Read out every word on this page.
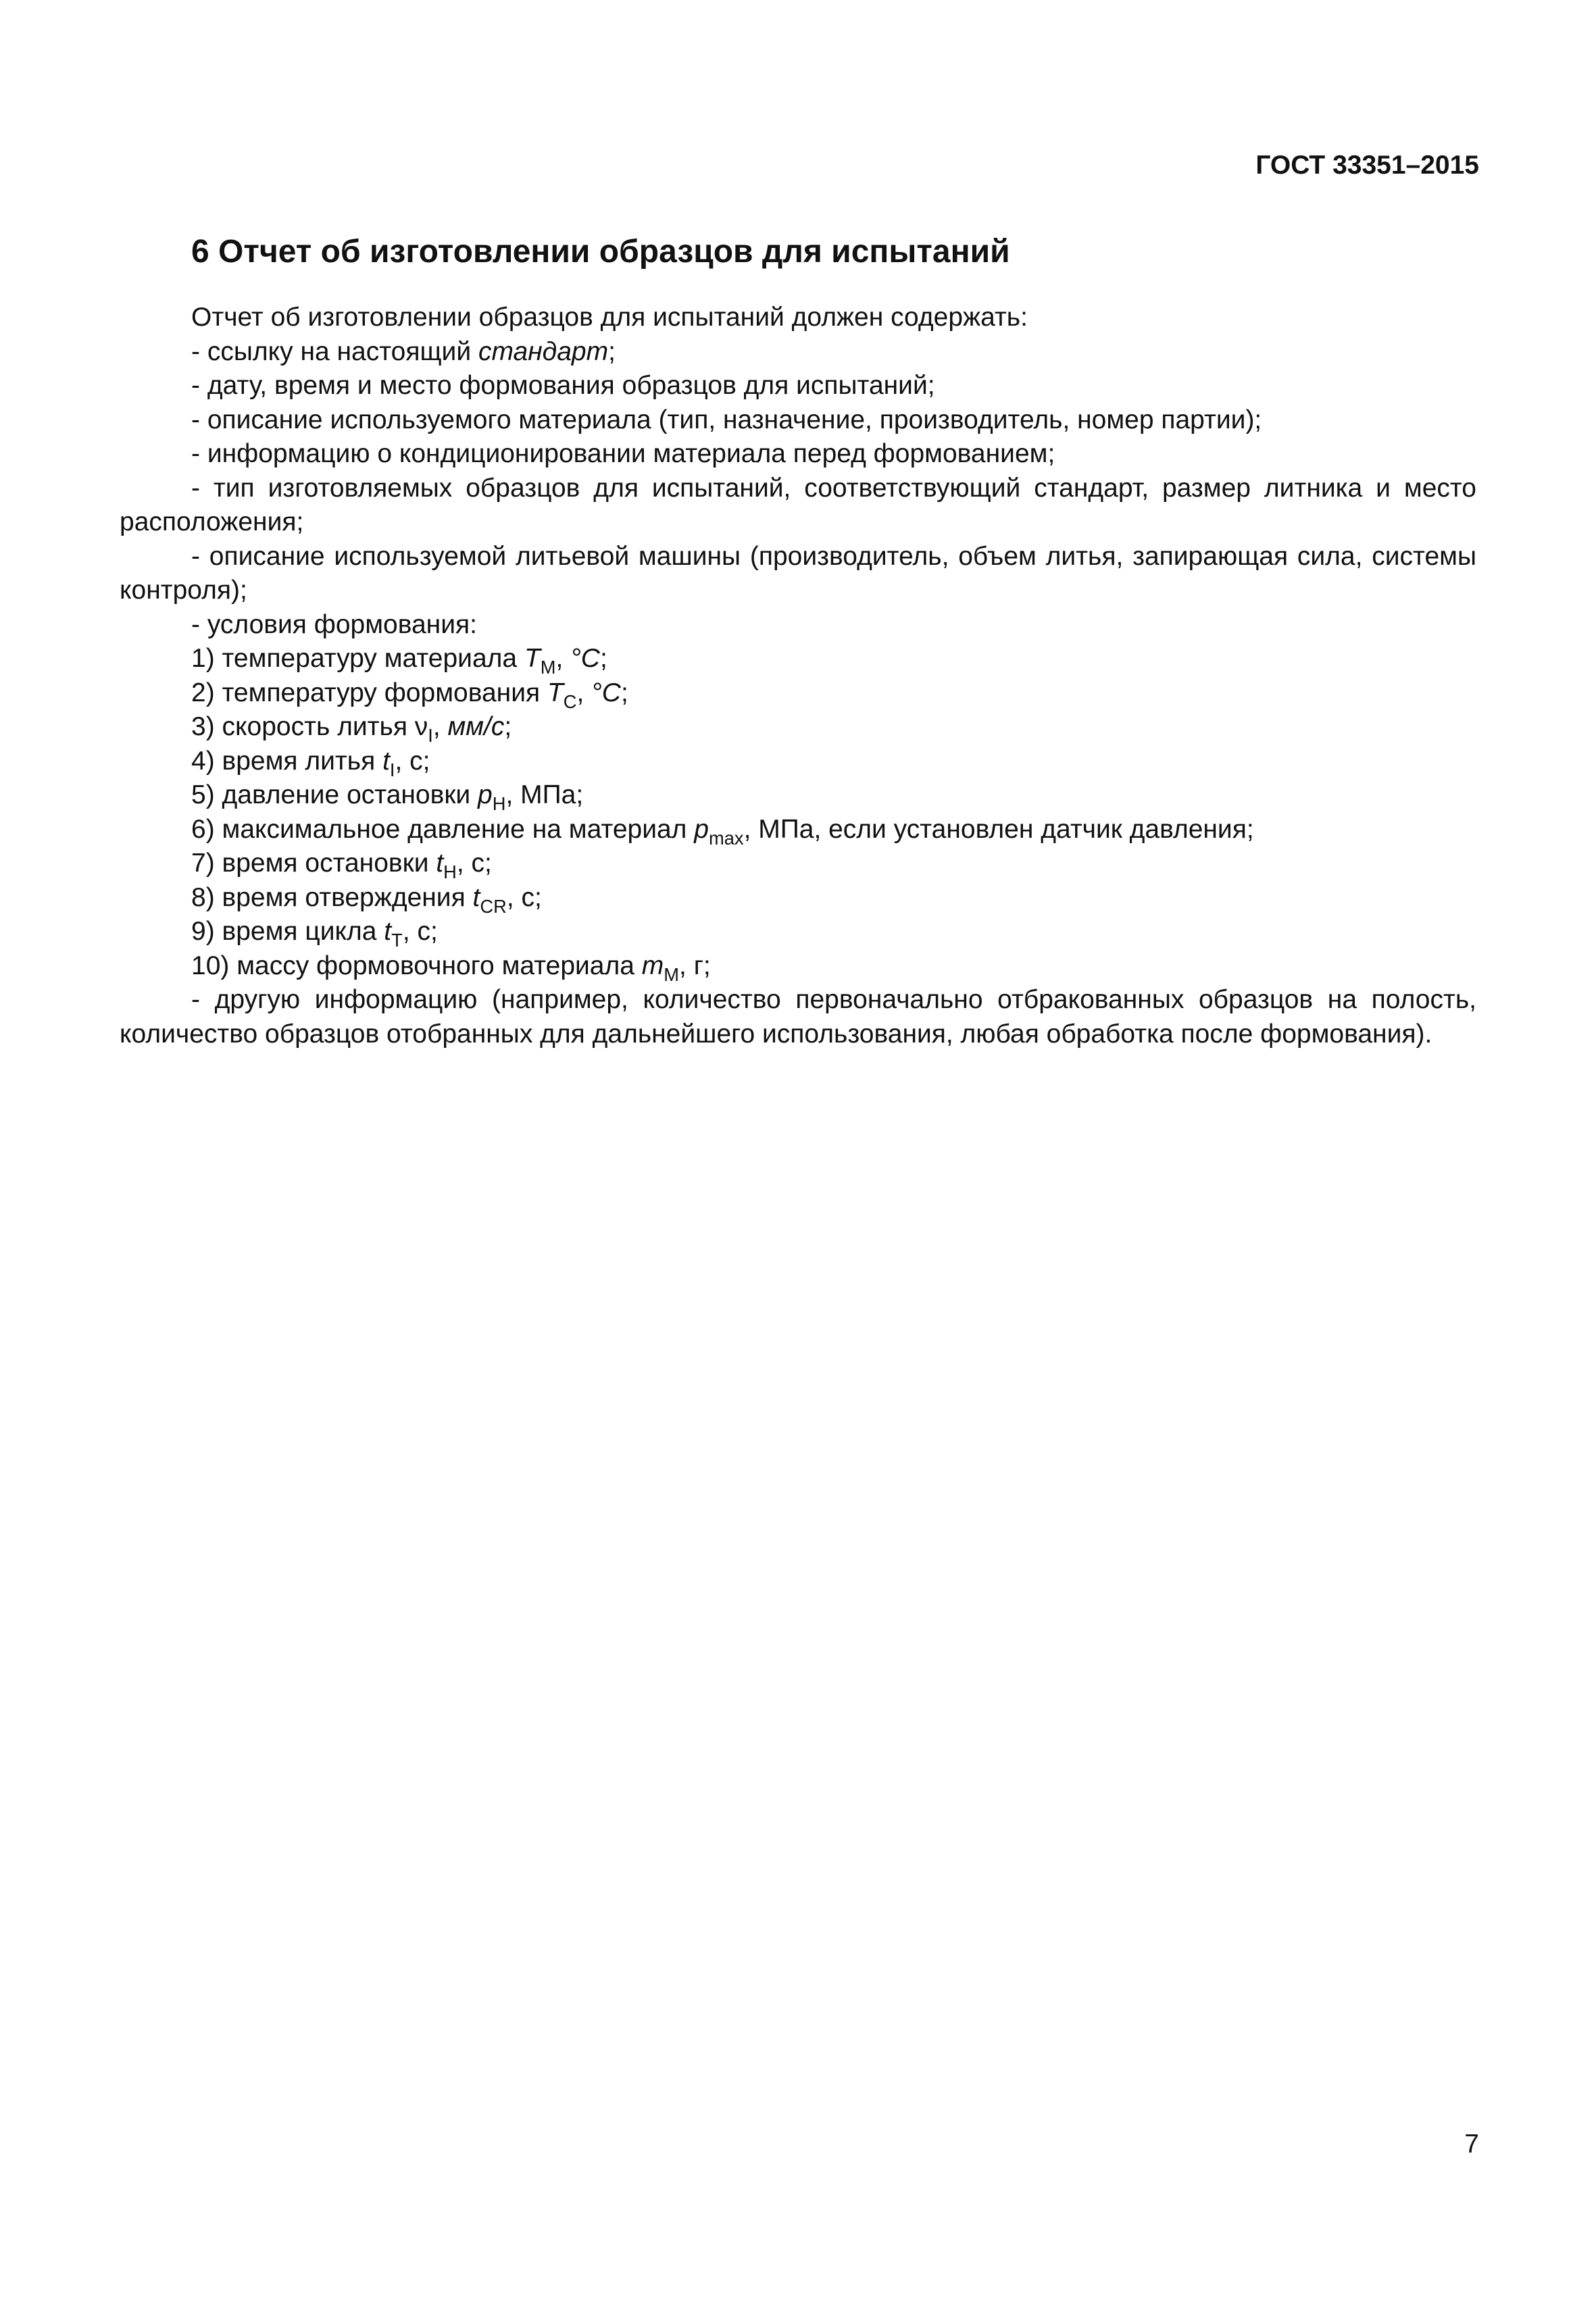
ГОСТ 33351–2015
6 Отчет об изготовлении образцов для испытаний

Отчет об изготовлении образцов для испытаний должен содержать:

- ссылку на настоящий стандарт;

- дату, время и место формования образцов для испытаний;

- описание используемого материала (тип, назначение, производитель, номер партии);

- информацию о кондиционировании материала перед формованием;

- тип изготовляемых образцов для испытаний, соответствующий стандарт, размер литника и место расположения;

- описание используемой литьевой машины (производитель, объем литья, запирающая сила, системы контроля);

- условия формования:

1) температуру материала $T_M$, °C;

2) температуру формования $T_C$, °C;

3) скорость литья $\nu_I$, мм/с;

4) время литья $t_I$, с;

5) давление остановки $p_H$, МПа;

6) максимальное давление на материал $p_{max}$, МПа, если установлен датчик давления;

7) время остановки $t_H$, с;

8) время отверждения $t_{CR}$, с;

9) время цикла $t_T$, с;

10) массу формовочного материала $m_M$, г;

- другую информацию (например, количество первоначально отбракованных образцов на полость, количество образцов отобранных для дальнейшего использования, любая обработка после формования).

7
